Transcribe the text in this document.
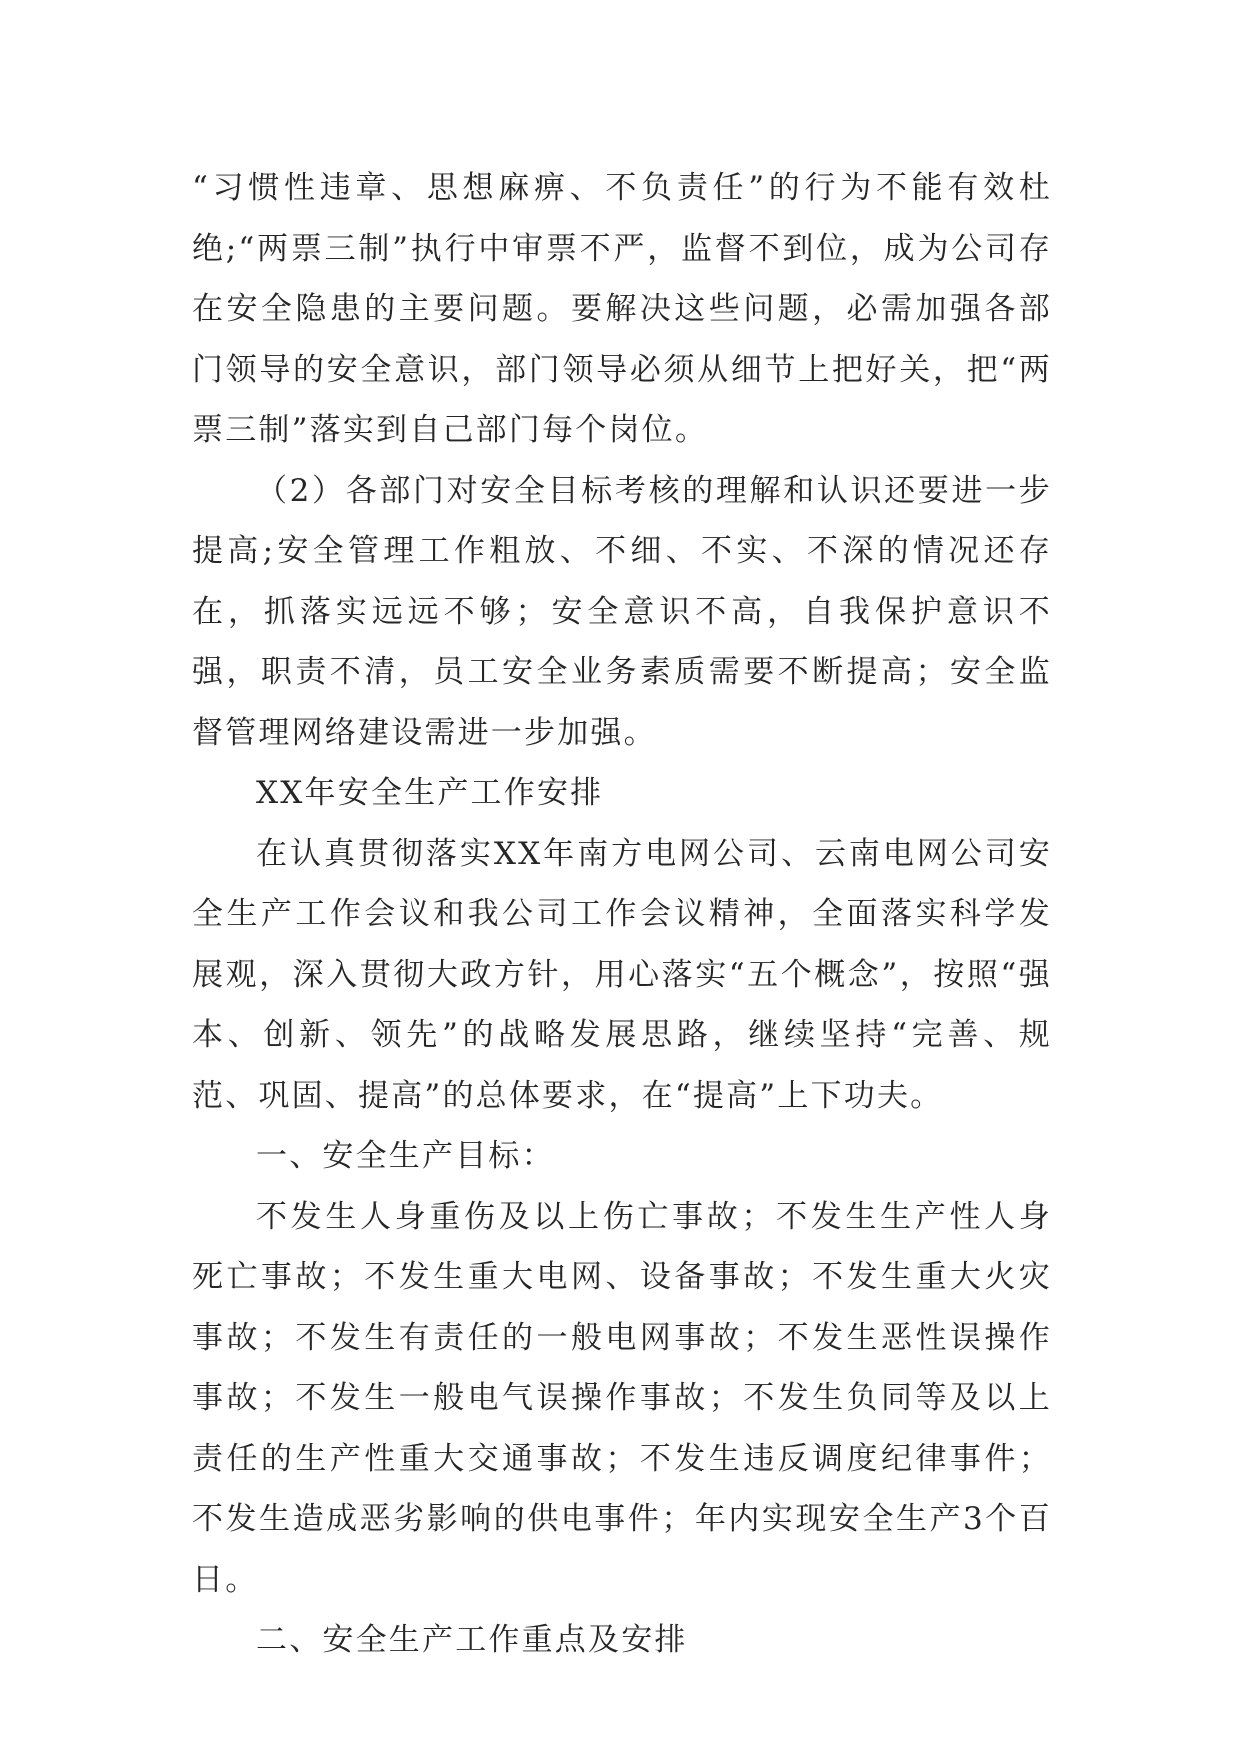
“习惯性违章、思想麻痹、不负责任”的行为不能有效杜绝;“两票三制”执行中审票不严，监督不到位，成为公司存在安全隐患的主要问题。要解决这些问题，必需加强各部门领导的安全意识，部门领导必须从细节上把好关，把“两票三制”落实到自己部门每个岗位。

（2）各部门对安全目标考核的理解和认识还要进一步提高;安全管理工作粗放、不细、不实、不深的情况还存在，抓落实远远不够；安全意识不高，自我保护意识不强，职责不清，员工安全业务素质需要不断提高；安全监督管理网络建设需进一步加强。

XX年安全生产工作安排

在认真贯彻落实XX年南方电网公司、云南电网公司安全生产工作会议和我公司工作会议精神，全面落实科学发展观，深入贯彻大政方针，用心落实“五个概念”，按照“强本、创新、领先”的战略发展思路，继续坚持“完善、规范、巩固、提高”的总体要求，在“提高”上下功夫。

一、安全生产目标：

不发生人身重伤及以上伤亡事故；不发生生产性人身死亡事故；不发生重大电网、设备事故；不发生重大火灾事故；不发生有责任的一般电网事故；不发生恶性误操作事故；不发生一般电气误操作事故；不发生负同等及以上责任的生产性重大交通事故；不发生违反调度纪律事件；不发生造成恶劣影响的供电事件；年内实现安全生产3个百日。

二、安全生产工作重点及安排
